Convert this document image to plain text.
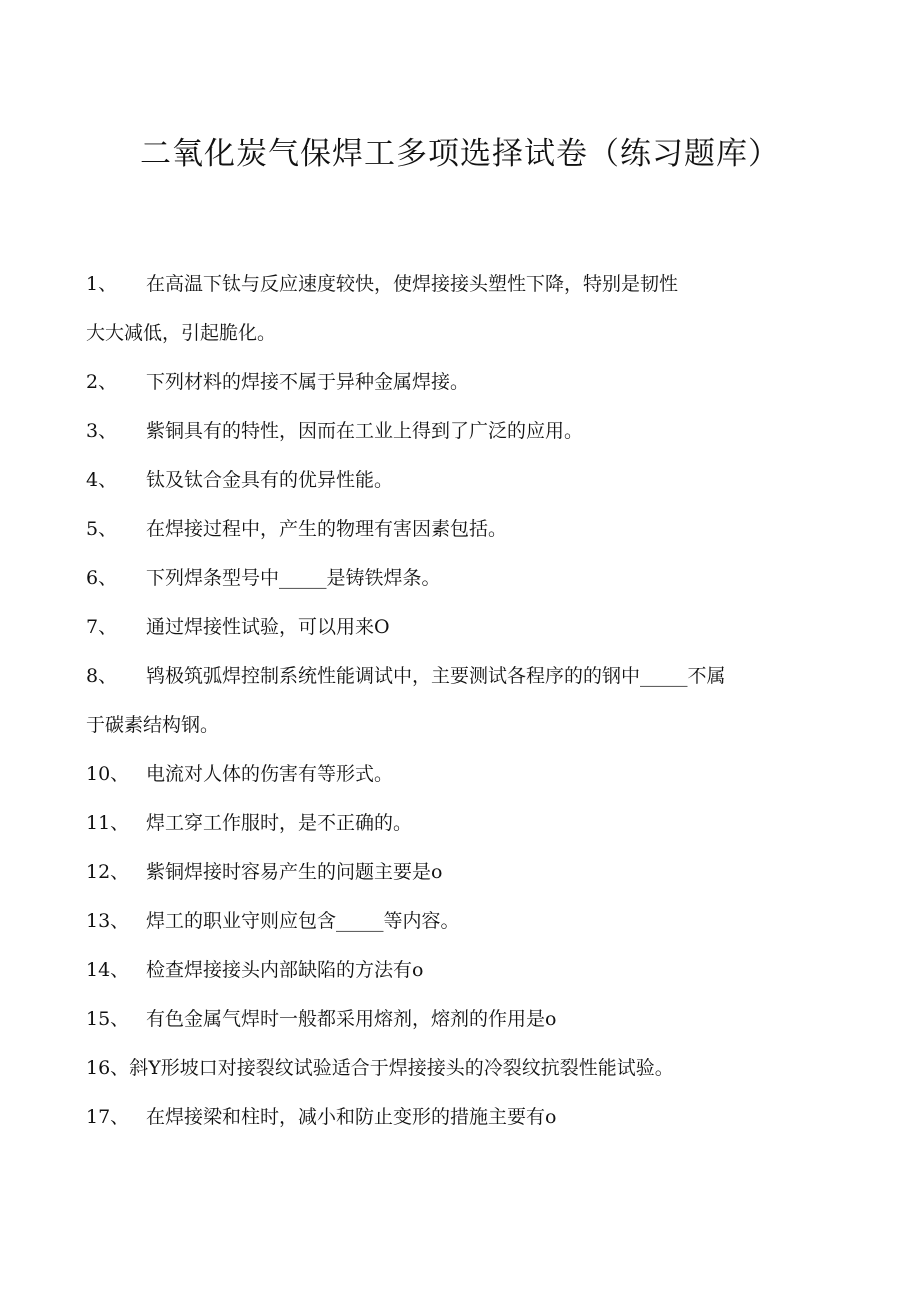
二氧化炭气保焊工多项选择试卷（练习题库）
1、 在高温下钛与反应速度较快，使焊接接头塑性下降，特别是韧性
大大减低，引起脆化。
2、 下列材料的焊接不属于异种金属焊接。
3、 紫铜具有的特性，因而在工业上得到了广泛的应用。
4、 钛及钛合金具有的优异性能。
5、 在焊接过程中，产生的物理有害因素包括。
6、 下列焊条型号中_____是铸铁焊条。
7、 通过焊接性试验，可以用来O
8、 鸨极筑弧焊控制系统性能调试中，主要测试各程序的的钢中_____不属
于碳素结构钢。
10、 电流对人体的伤害有等形式。
11、 焊工穿工作服时，是不正确的。
12、 紫铜焊接时容易产生的问题主要是o
13、 焊工的职业守则应包含_____等内容。
14、 检查焊接接头内部缺陷的方法有o
15、 有色金属气焊时一般都采用熔剂，熔剂的作用是o
16、斜Y形坡口对接裂纹试验适合于焊接接头的冷裂纹抗裂性能试验。
17、 在焊接梁和柱时，减小和防止变形的措施主要有o
